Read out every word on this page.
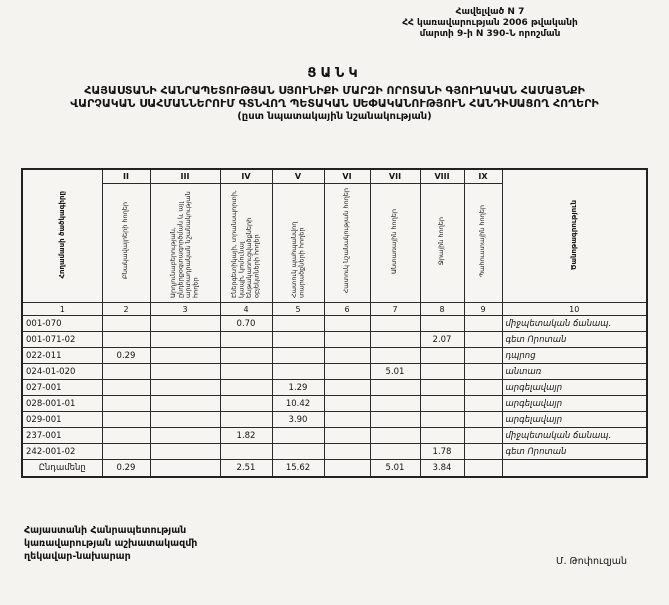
Հավելված N 7
ՀՀ կառավարության 2006 թվականի
մարտի 9-ի N 390-Ն որոշման
ՑԱՆԿ
ՀԱՅԱՍՏԱՆԻ ՀԱՆՐԱՊԵՏՈՒԹՅԱՆ ՍՅՈՒՆԻՔԻ ՄԱՐԶԻ ՈՐՈՏԱՆԻ ԳՅՈՒՂԱԿԱՆ ՀԱՄԱՅՆՔԻ
ՎԱՐՉԱԿԱՆ ՍԱՀՄԱՆՆԵՐՈՒՄ ԳՏՆՎՈՂ ՊԵՏԱԿԱՆ ՍԵՓԱԿԱՆՈՒԹՅՈՒՆ ՀԱՆԴԻՍԱՑՈՂ ՀՈՂԵՐԻ
(ըստ նպատակային նշանակության)
Հողամասի ծածկագիրը	II	III	IV	V	VI	VII	VIII	IX	Ծանոթագրություն
	Բնակավայրերի հողեր	Արդյունաբերության, ընդերքօգտագործման և այլ արտադրական նշանակության հողեր	Էներգետիկայի, տրանսպորտի, կապի, կոմունալ ենթակառուցվածքների օբյեկտների հողեր	Հատուկ պահպանվող տարածքների հողեր	Հատուկ նշանակության հողեր	Անտառային հողեր	Ջրային հողեր	Պահուստային հողեր	
1	2	3	4	5	6	7	8	9	10
001-070			0.70						միջպետական ճանապ.
001-071-02							2.07		գետ Որոտան
022-011	0.29								դպրոց
024-01-020						5.01			անտառ
027-001				1.29					արգելավայր
028-001-01				10.42					արգելավայր
029-001				3.90					արգելավայր
237-001			1.82						միջպետական ճանապ.
242-001-02							1.78		գետ Որոտան
Ընդամենը	0.29		2.51	15.62		5.01	3.84		
Հայաստանի Հանրապետության
կառավարության աշխատակազմի
ղեկավար-նախարար	Մ. Թոփուզյան
